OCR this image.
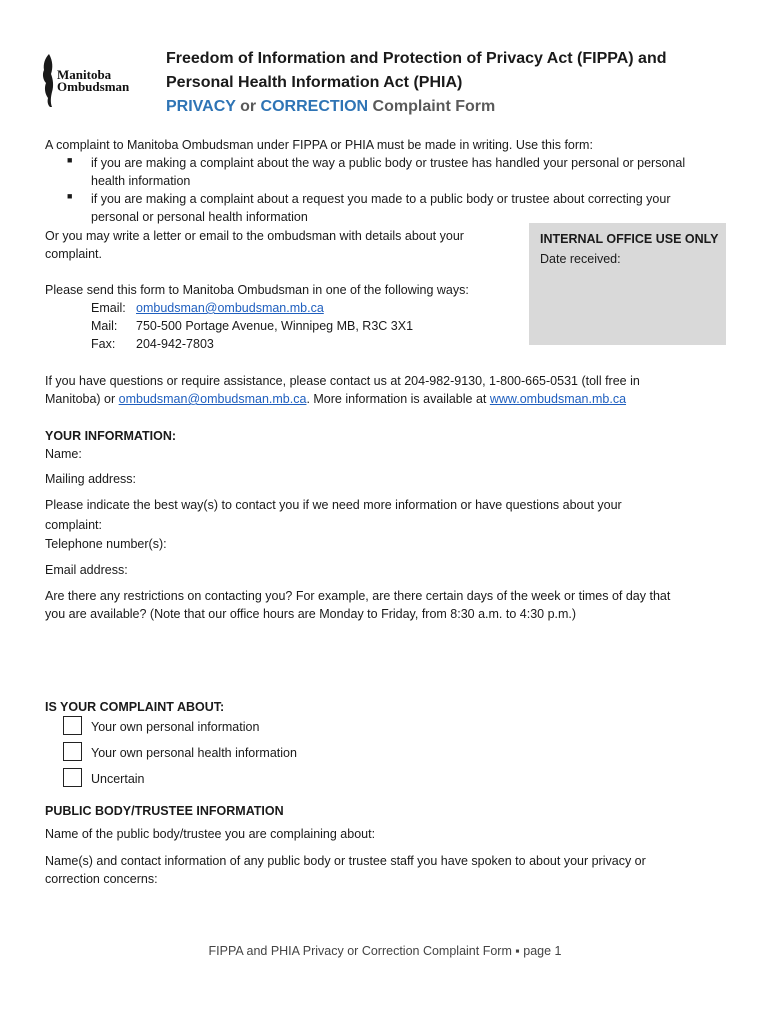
Manitoba
Ombudsman
Freedom of Information and Protection of Privacy Act (FIPPA) and
Personal Health Information Act (PHIA)
PRIVACY or CORRECTION Complaint Form
A complaint to Manitoba Ombudsman under FIPPA or PHIA must be made in writing. Use this form:
■ if you are making a complaint about the way a public body or trustee has handled your personal or personal
health information
■ if you are making a complaint about a request you made to a public body or trustee about correcting your
personal or personal health information
Or you may write a letter or email to the ombudsman with details about your
complaint.
INTERNAL OFFICE USE ONLY
Date received:
Please send this form to Manitoba Ombudsman in one of the following ways:
Email: ombudsman@ombudsman.mb.ca
Mail: 750-500 Portage Avenue, Winnipeg MB, R3C 3X1
Fax: 204-942-7803
If you have questions or require assistance, please contact us at 204-982-9130, 1-800-665-0531 (toll free in
Manitoba) or ombudsman@ombudsman.mb.ca. More information is available at www.ombudsman.mb.ca
YOUR INFORMATION:
Name:
Mailing address:
Please indicate the best way(s) to contact you if we need more information or have questions about your
complaint:
Telephone number(s):
Email address:
Are there any restrictions on contacting you? For example, are there certain days of the week or times of day that
you are available? (Note that our office hours are Monday to Friday, from 8:30 a.m. to 4:30 p.m.)
IS YOUR COMPLAINT ABOUT:
Your own personal information
Your own personal health information
Uncertain
PUBLIC BODY/TRUSTEE INFORMATION
Name of the public body/trustee you are complaining about:
Name(s) and contact information of any public body or trustee staff you have spoken to about your privacy or
correction concerns:
FIPPA and PHIA Privacy or Correction Complaint Form ▪ page 1
